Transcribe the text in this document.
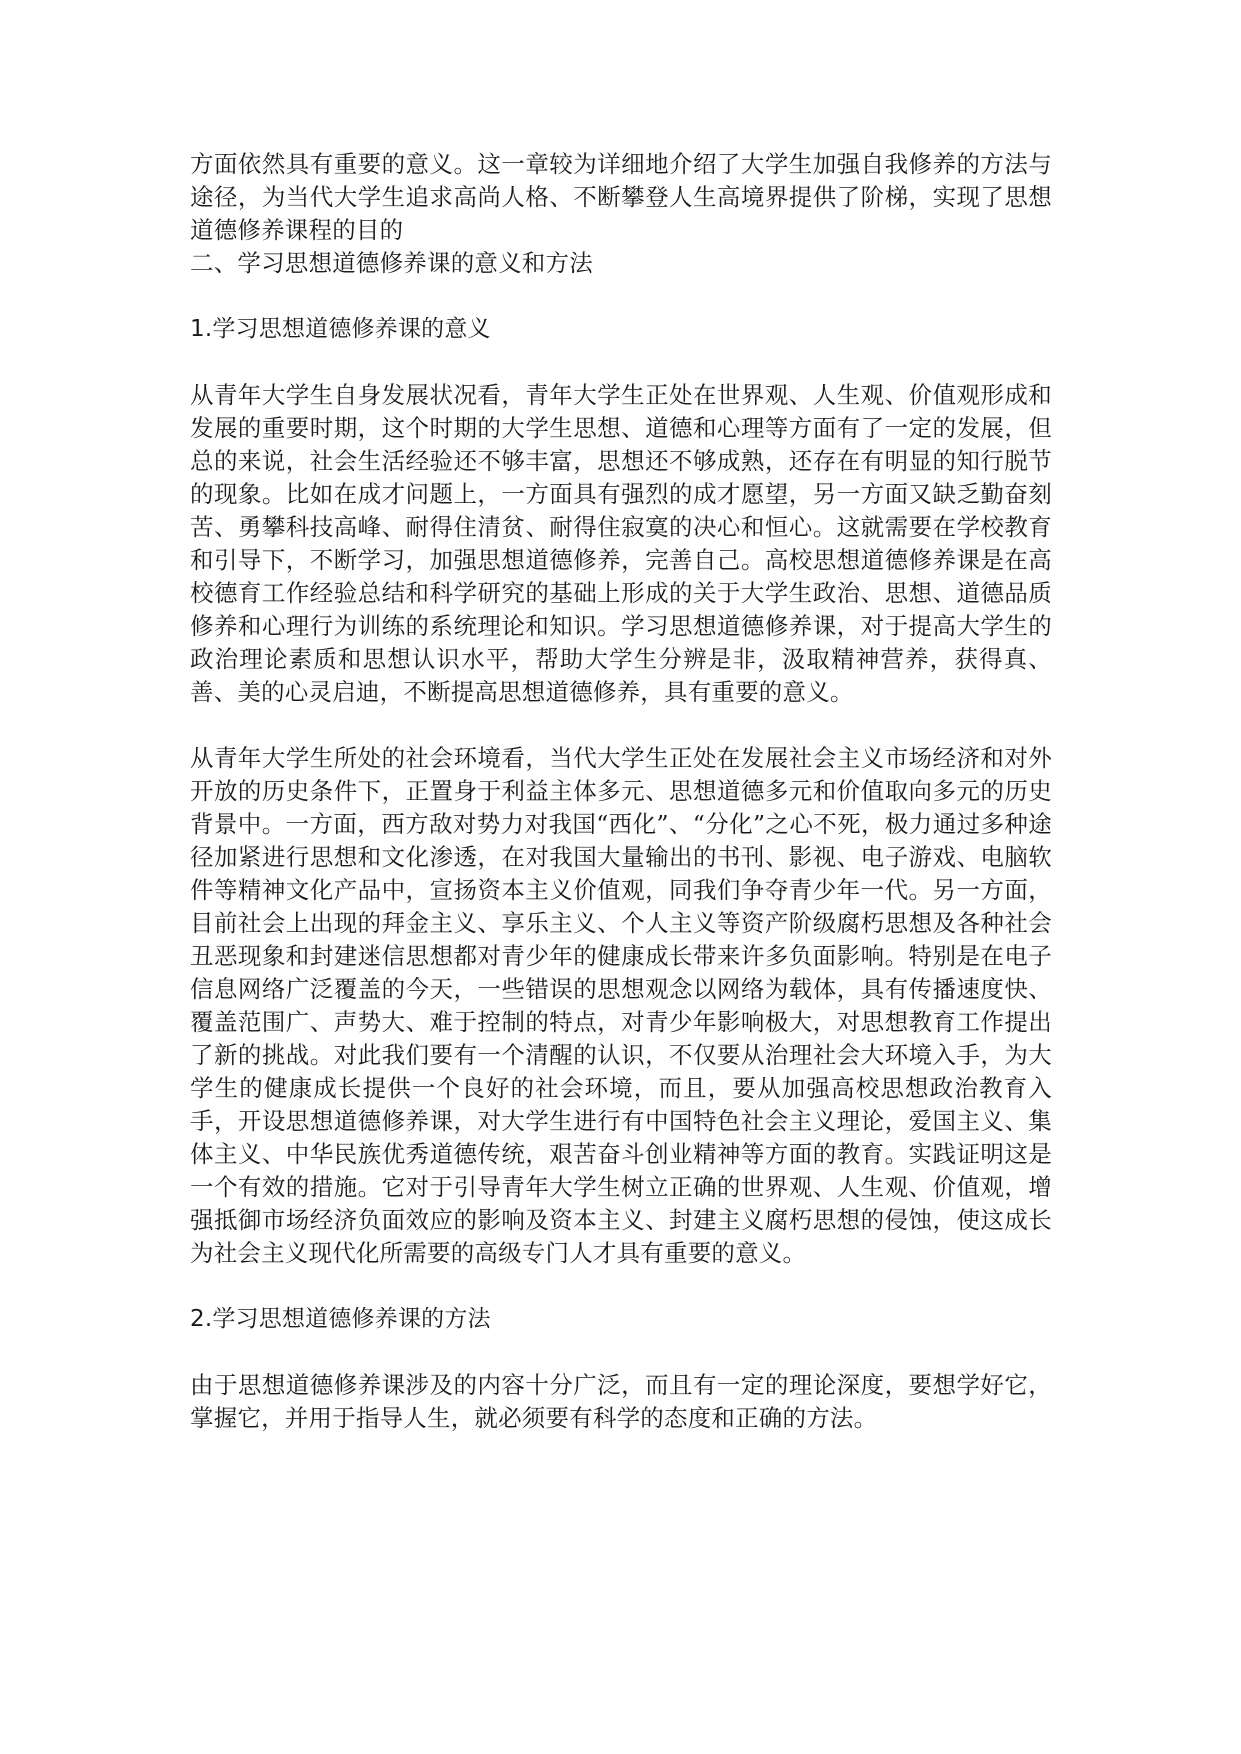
方面依然具有重要的意义。这一章较为详细地介绍了大学生加强自我修养的方法与途径，为当代大学生追求高尚人格、不断攀登人生高境界提供了阶梯，实现了思想道德修养课程的目的

二、学习思想道德修养课的意义和方法

1.学习思想道德修养课的意义

从青年大学生自身发展状况看，青年大学生正处在世界观、人生观、价值观形成和发展的重要时期，这个时期的大学生思想、道德和心理等方面有了一定的发展，但总的来说，社会生活经验还不够丰富，思想还不够成熟，还存在有明显的知行脱节的现象。比如在成才问题上，一方面具有强烈的成才愿望，另一方面又缺乏勤奋刻苦、勇攀科技高峰、耐得住清贫、耐得住寂寞的决心和恒心。这就需要在学校教育和引导下，不断学习，加强思想道德修养，完善自己。高校思想道德修养课是在高校德育工作经验总结和科学研究的基础上形成的关于大学生政治、思想、道德品质修养和心理行为训练的系统理论和知识。学习思想道德修养课，对于提高大学生的政治理论素质和思想认识水平，帮助大学生分辨是非，汲取精神营养，获得真、善、美的心灵启迪，不断提高思想道德修养，具有重要的意义。

从青年大学生所处的社会环境看，当代大学生正处在发展社会主义市场经济和对外开放的历史条件下，正置身于利益主体多元、思想道德多元和价值取向多元的历史背景中。一方面，西方敌对势力对我国“西化”、“分化”之心不死，极力通过多种途径加紧进行思想和文化渗透，在对我国大量输出的书刊、影视、电子游戏、电脑软件等精神文化产品中，宣扬资本主义价值观，同我们争夺青少年一代。另一方面，目前社会上出现的拜金主义、享乐主义、个人主义等资产阶级腐朽思想及各种社会丑恶现象和封建迷信思想都对青少年的健康成长带来许多负面影响。特别是在电子信息网络广泛覆盖的今天，一些错误的思想观念以网络为载体，具有传播速度快、覆盖范围广、声势大、难于控制的特点，对青少年影响极大，对思想教育工作提出了新的挑战。对此我们要有一个清醒的认识，不仅要从治理社会大环境入手，为大学生的健康成长提供一个良好的社会环境，而且，要从加强高校思想政治教育入手，开设思想道德修养课，对大学生进行有中国特色社会主义理论，爱国主义、集体主义、中华民族优秀道德传统，艰苦奋斗创业精神等方面的教育。实践证明这是一个有效的措施。它对于引导青年大学生树立正确的世界观、人生观、价值观，增强抵御市场经济负面效应的影响及资本主义、封建主义腐朽思想的侵蚀，使这成长为社会主义现代化所需要的高级专门人才具有重要的意义。

2.学习思想道德修养课的方法

由于思想道德修养课涉及的内容十分广泛，而且有一定的理论深度，要想学好它，掌握它，并用于指导人生，就必须要有科学的态度和正确的方法。
